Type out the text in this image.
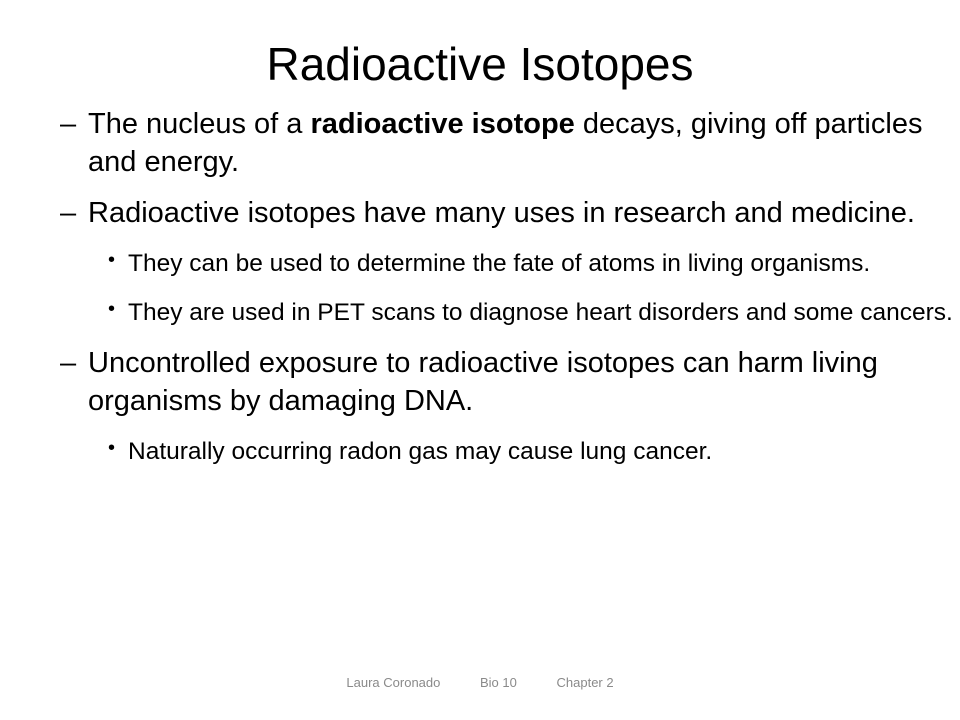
Radioactive Isotopes
– The nucleus of a radioactive isotope decays, giving off particles and energy.
– Radioactive isotopes have many uses in research and medicine.
• They can be used to determine the fate of atoms in living organisms.
• They are used in PET scans to diagnose heart disorders and some cancers.
– Uncontrolled exposure to radioactive isotopes can harm living organisms by damaging DNA.
• Naturally occurring radon gas may cause lung cancer.
Laura Coronado	Bio 10	Chapter 2
